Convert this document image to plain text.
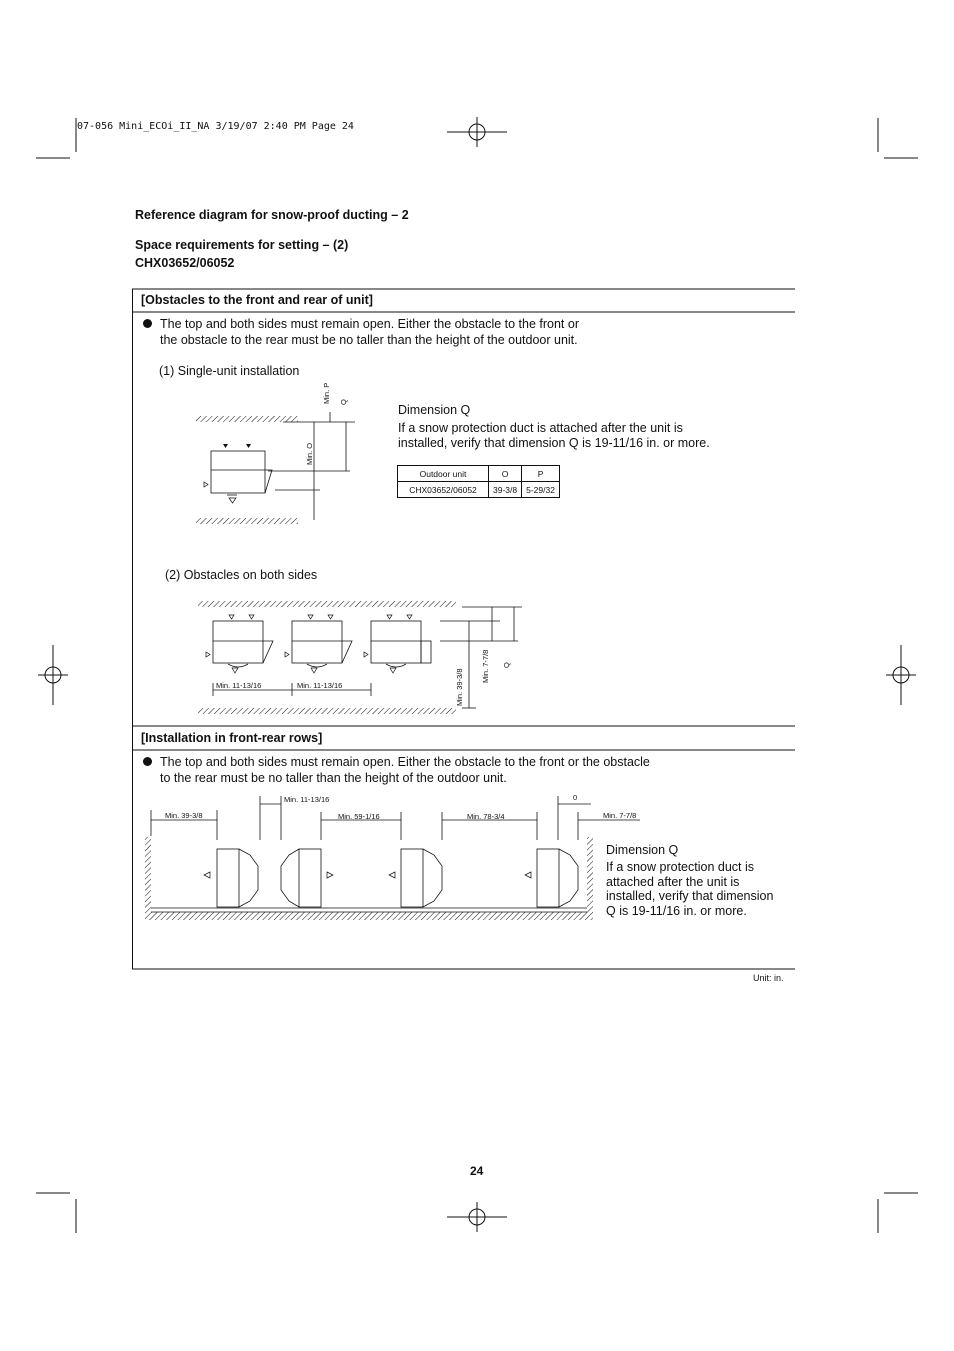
07-056 Mini_ECOi_II_NA 3/19/07 2:40 PM Page 24
Reference diagram for snow-proof ducting – 2
Space requirements for setting – (2)
CHX03652/06052
[Obstacles to the front and rear of unit]
The top and both sides must remain open. Either the obstacle to the front or
the obstacle to the rear must be no taller than the height of the outdoor unit.
(1) Single-unit installation
Min. P Q
Min. O
Dimension Q
If a snow protection duct is attached after the unit is
installed, verify that dimension Q is 19-11/16 in. or more.
Outdoor unit	O	P
CHX03652/06052	39-3/8	5-29/32
(2) Obstacles on both sides
Min. 11-13/16	Min. 11-13/16	Min. 39-3/8
Min. 7-7/8 Q
[Installation in front-rear rows]
The top and both sides must remain open. Either the obstacle to the front or the obstacle
to the rear must be no taller than the height of the outdoor unit.
Min. 39-3/8
Min. 11-13/16
Min. 59-1/16	Min. 78-3/4
0
Min. 7-7/8
Dimension Q
If a snow protection duct is
attached after the unit is
installed, verify that dimension
Q is 19-11/16 in. or more.
Unit: in.
24
